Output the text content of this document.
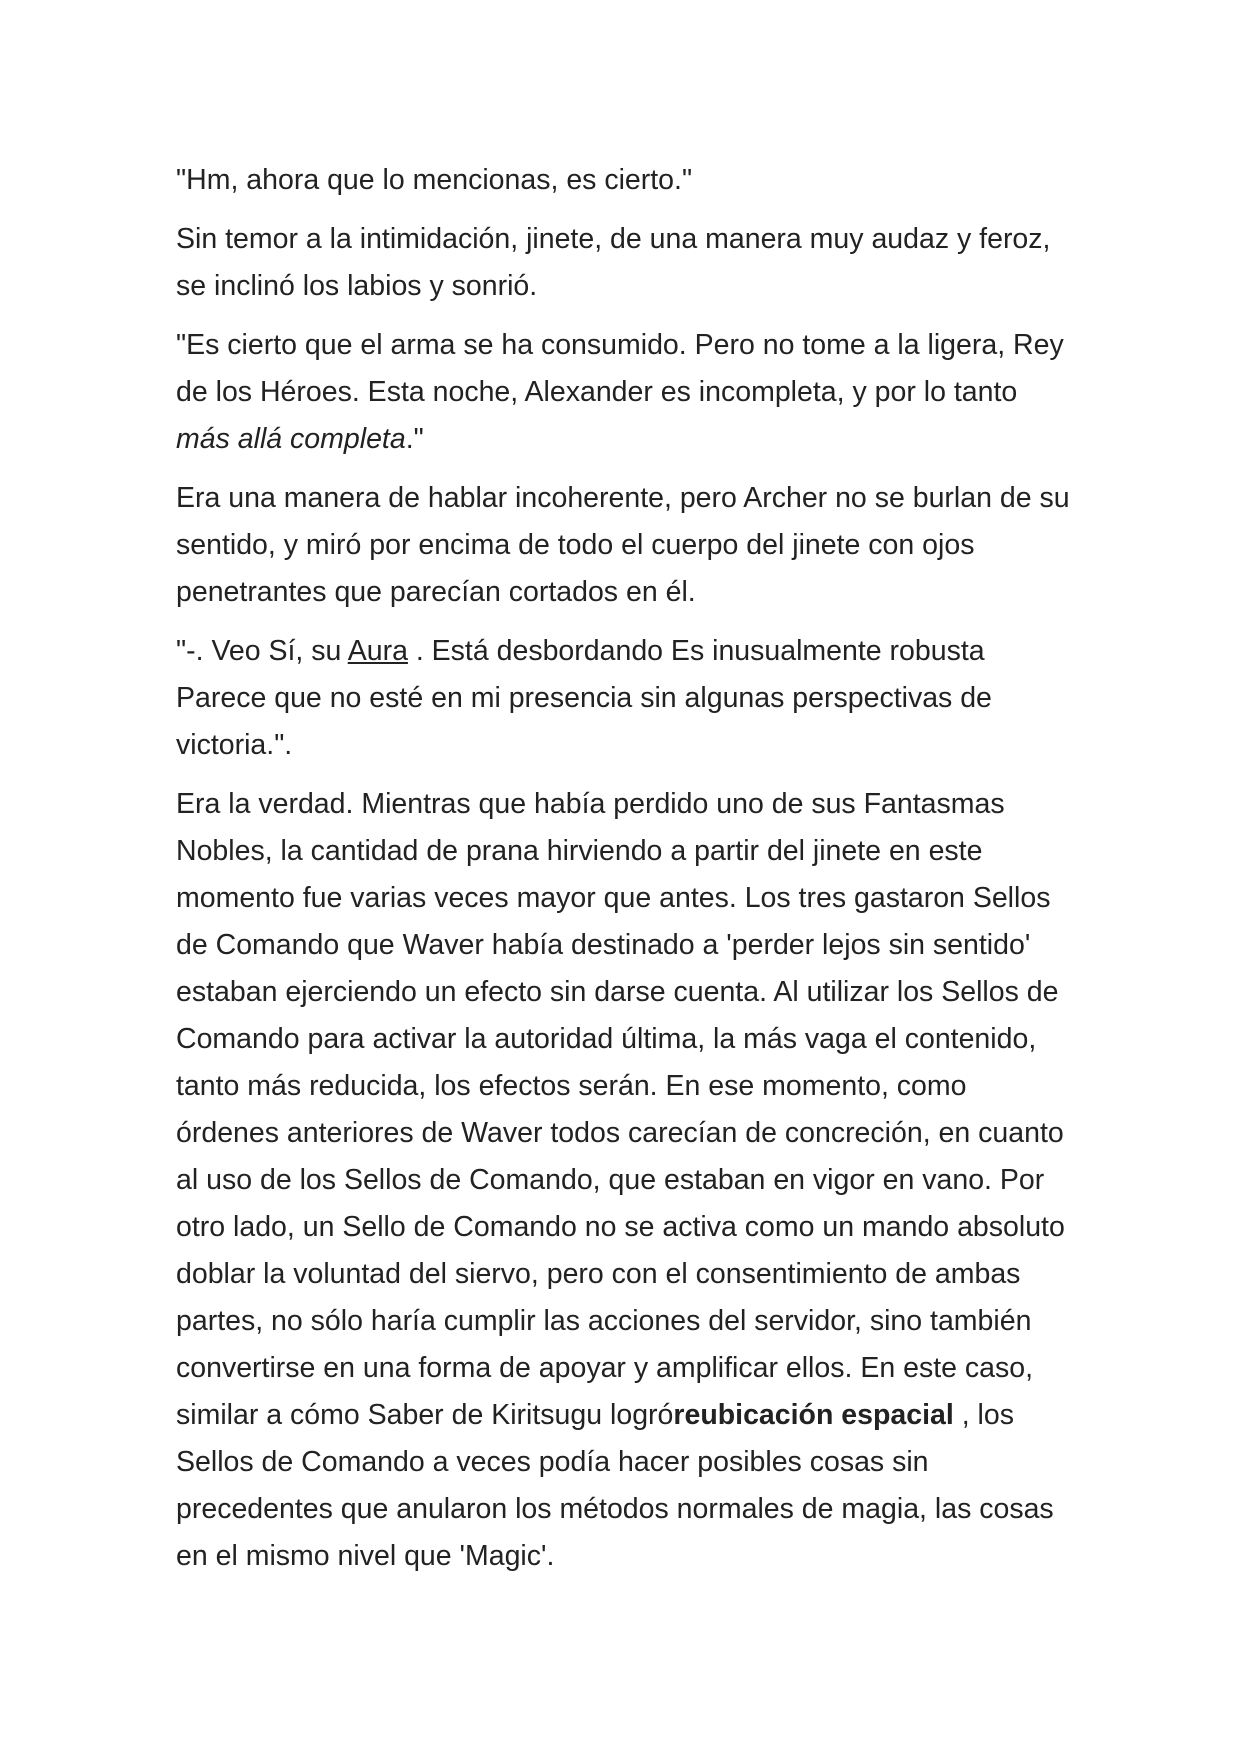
"Hm, ahora que lo mencionas, es cierto."

Sin temor a la intimidación, jinete, de una manera muy audaz y feroz, se inclinó los labios y sonrió.

"Es cierto que el arma se ha consumido. Pero no tome a la ligera, Rey de los Héroes. Esta noche, Alexander es incompleta, y por lo tanto más allá completa."

Era una manera de hablar incoherente, pero Archer no se burlan de su sentido, y miró por encima de todo el cuerpo del jinete con ojos penetrantes que parecían cortados en él.

"-. Veo Sí, su Aura . Está desbordando Es inusualmente robusta Parece que no esté en mi presencia sin algunas perspectivas de victoria.".

Era la verdad. Mientras que había perdido uno de sus Fantasmas Nobles, la cantidad de prana hirviendo a partir del jinete en este momento fue varias veces mayor que antes. Los tres gastaron Sellos de Comando que Waver había destinado a 'perder lejos sin sentido' estaban ejerciendo un efecto sin darse cuenta. Al utilizar los Sellos de Comando para activar la autoridad última, la más vaga el contenido, tanto más reducida, los efectos serán. En ese momento, como órdenes anteriores de Waver todos carecían de concreción, en cuanto al uso de los Sellos de Comando, que estaban en vigor en vano. Por otro lado, un Sello de Comando no se activa como un mando absoluto doblar la voluntad del siervo, pero con el consentimiento de ambas partes, no sólo haría cumplir las acciones del servidor, sino también convertirse en una forma de apoyar y amplificar ellos. En este caso, similar a cómo Saber de Kiritsugu logróreubicación espacial , los Sellos de Comando a veces podía hacer posibles cosas sin precedentes que anularon los métodos normales de magia, las cosas en el mismo nivel que 'Magic'.
